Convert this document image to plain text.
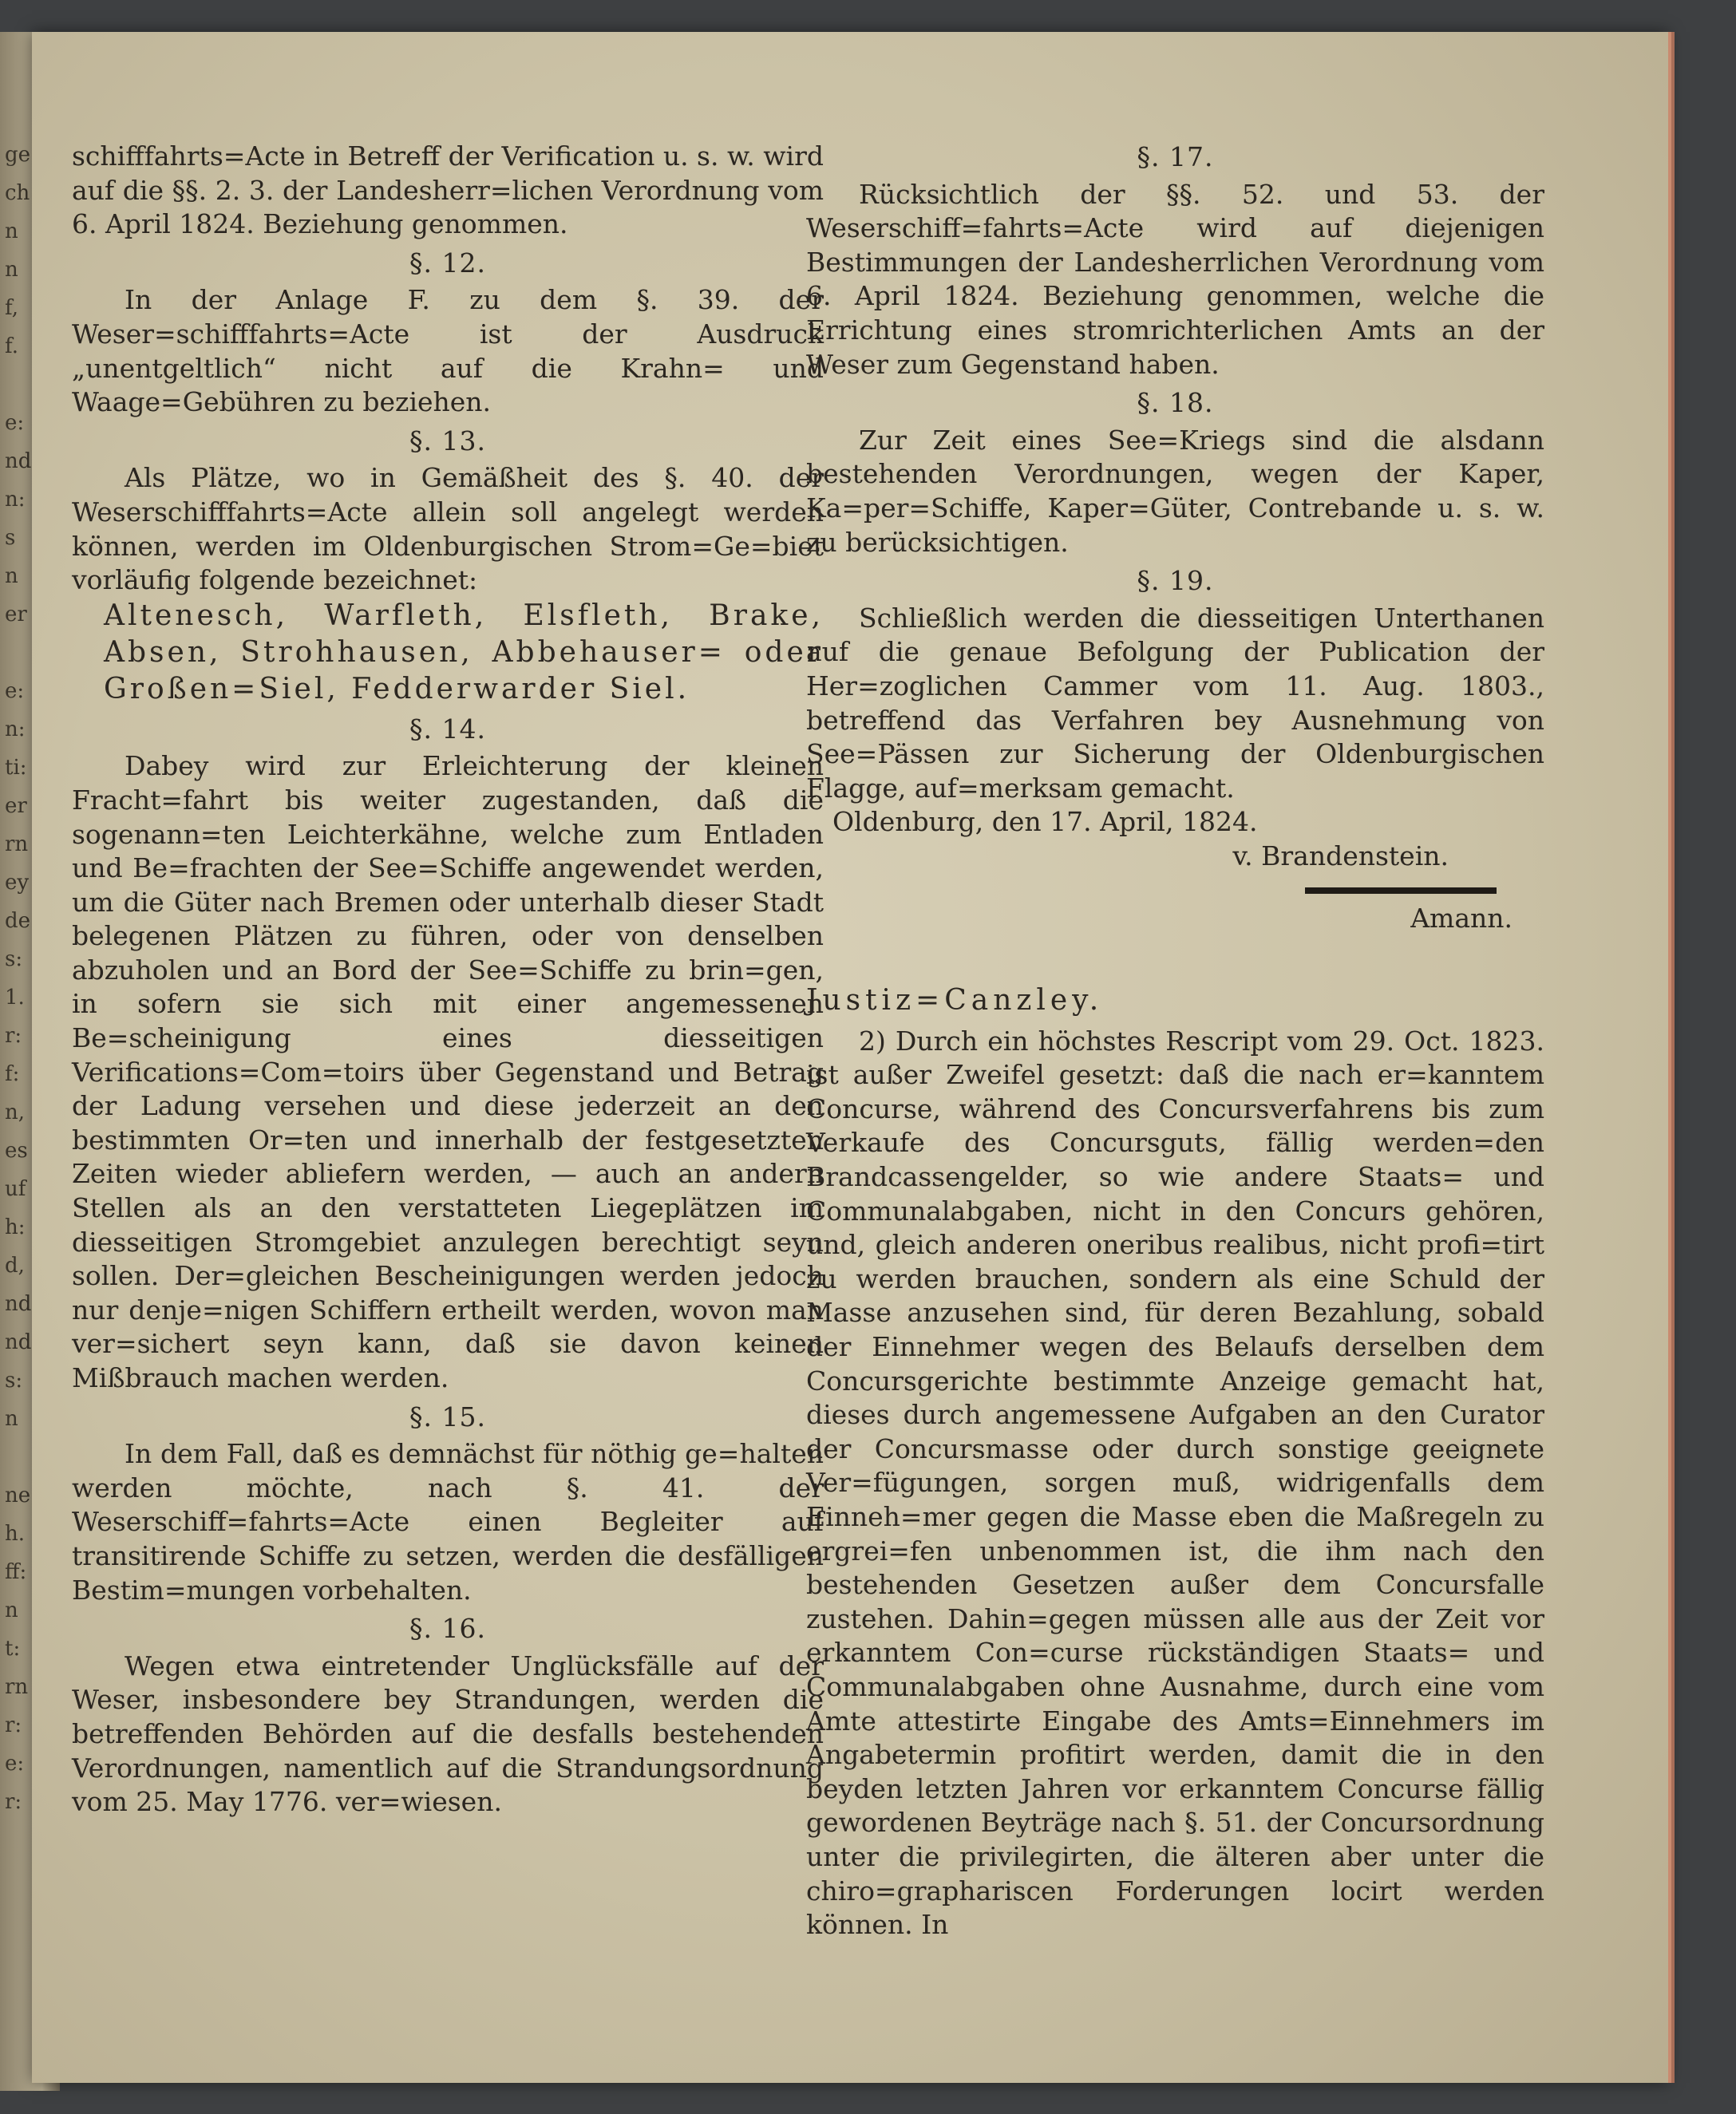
ge
ch
n
n
f,
f.

e:
nd
n:
s
n
er

e:
n:
ti:
er
rn
ey
de
s:
1.
r:
f:
n,
es
uf
h:
d,
nd
nd
s:
n

ne
h.
ff:
n
t:
rn
r:
e:
r:

schifffahrts=Acte in Betreff der Verification u. s. w. wird auf die §§. 2. 3. der Landesherr=lichen Verordnung vom 6. April 1824. Beziehung genommen.

§. 12.

In der Anlage F. zu dem §. 39. der Weser=schifffahrts=Acte ist der Ausdruck „unentgeltlich“ nicht auf die Krahn= und Waage=Gebühren zu beziehen.

§. 13.

Als Plätze, wo in Gemäßheit des §. 40. der Weserschifffahrts=Acte allein soll angelegt werden können, werden im Oldenburgischen Strom=Ge=biet vorläufig folgende bezeichnet:

Altenesch, Warfleth, Elsfleth, Brake, Absen, Strohhausen, Abbehauser= oder Großen=Siel, Fedderwarder Siel.

§. 14.

Dabey wird zur Erleichterung der kleinen Fracht=fahrt bis weiter zugestanden, daß die sogenann=ten Leichterkähne, welche zum Entladen und Be=frachten der See=Schiffe angewendet werden, um die Güter nach Bremen oder unterhalb dieser Stadt belegenen Plätzen zu führen, oder von denselben abzuholen und an Bord der See=Schiffe zu brin=gen, in sofern sie sich mit einer angemessenen Be=scheinigung eines diesseitigen Verifications=Com=toirs über Gegenstand und Betrag der Ladung versehen und diese jederzeit an den bestimmten Or=ten und innerhalb der festgesetzten Zeiten wieder abliefern werden, — auch an andern Stellen als an den verstatteten Liegeplätzen im diesseitigen Stromgebiet anzulegen berechtigt seyn sollen. Der=gleichen Bescheinigungen werden jedoch nur denje=nigen Schiffern ertheilt werden, wovon man ver=sichert seyn kann, daß sie davon keinen Mißbrauch machen werden.

§. 15.

In dem Fall, daß es demnächst für nöthig ge=halten werden möchte, nach §. 41. der Weserschiff=fahrts=Acte einen Begleiter auf transitirende Schiffe zu setzen, werden die desfälligen Bestim=mungen vorbehalten.

§. 16.

Wegen etwa eintretender Unglücksfälle auf der Weser, insbesondere bey Strandungen, werden die betreffenden Behörden auf die desfalls bestehenden Verordnungen, namentlich auf die Strandungsordnung vom 25. May 1776. ver=wiesen.

§. 17.

Rücksichtlich der §§. 52. und 53. der Weserschiff=fahrts=Acte wird auf diejenigen Bestimmungen der Landesherrlichen Verordnung vom 6. April 1824. Beziehung genommen, welche die Errichtung eines stromrichterlichen Amts an der Weser zum Gegenstand haben.

§. 18.

Zur Zeit eines See=Kriegs sind die alsdann bestehenden Verordnungen, wegen der Kaper, Ka=per=Schiffe, Kaper=Güter, Contrebande u. s. w. zu berücksichtigen.

§. 19.

Schließlich werden die diesseitigen Unterthanen auf die genaue Befolgung der Publication der Her=zoglichen Cammer vom 11. Aug. 1803., betreffend das Verfahren bey Ausnehmung von See=Pässen zur Sicherung der Oldenburgischen Flagge, auf=merksam gemacht.

Oldenburg, den 17. April, 1824.
v. Brandenstein.
Amann.
Justiz=Canzley.

2) Durch ein höchstes Rescript vom 29. Oct. 1823. ist außer Zweifel gesetzt: daß die nach er=kanntem Concurse, während des Concursverfahrens bis zum Verkaufe des Concursguts, fällig werden=den Brandcassengelder, so wie andere Staats= und Communalabgaben, nicht in den Concurs gehören, und, gleich anderen oneribus realibus, nicht profi=tirt zu werden brauchen, sondern als eine Schuld der Masse anzusehen sind, für deren Bezahlung, sobald der Einnehmer wegen des Belaufs derselben dem Concursgerichte bestimmte Anzeige gemacht hat, dieses durch angemessene Aufgaben an den Curator der Concursmasse oder durch sonstige geeignete Ver=fügungen, sorgen muß, widrigenfalls dem Einneh=mer gegen die Masse eben die Maßregeln zu ergrei=fen unbenommen ist, die ihm nach den bestehenden Gesetzen außer dem Concursfalle zustehen. Dahin=gegen müssen alle aus der Zeit vor erkanntem Con=curse rückständigen Staats= und Communalabgaben ohne Ausnahme, durch eine vom Amte attestirte Eingabe des Amts=Einnehmers im Angabetermin profitirt werden, damit die in den beyden letzten Jahren vor erkanntem Concurse fällig gewordenen Beyträge nach §. 51. der Concursordnung unter die privilegirten, die älteren aber unter die chiro=graphariscen Forderungen locirt werden können. In
